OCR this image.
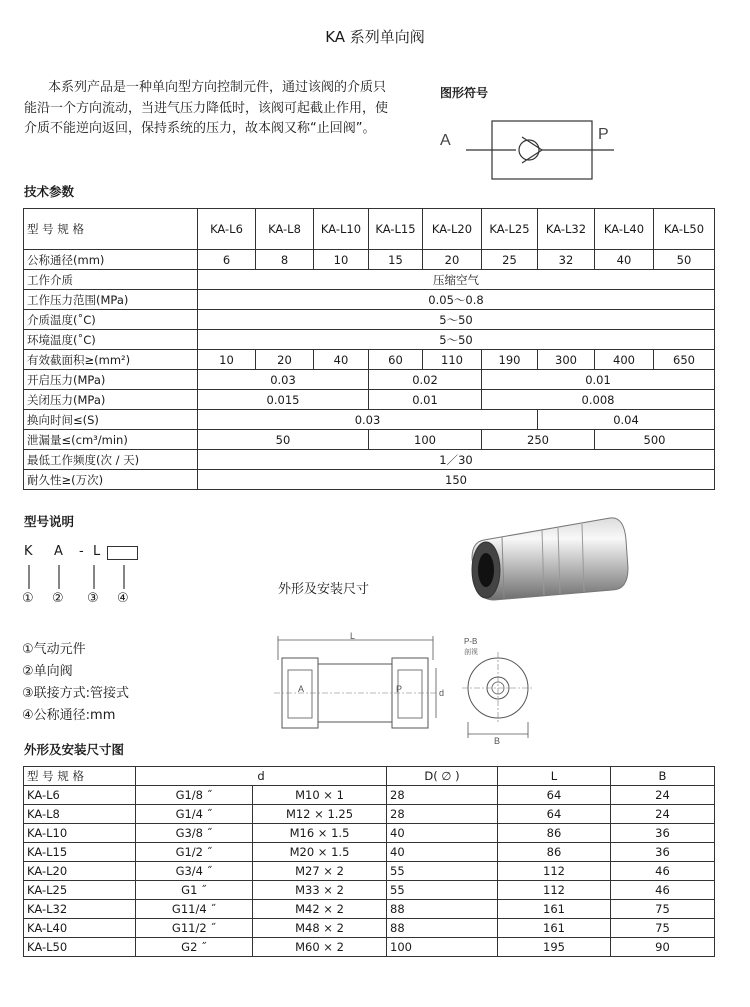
KA 系列单向阀
本系列产品是一种单向型方向控制元件，通过该阀的介质只能沿一个方向流动，当进气压力降低时，该阀可起截止作用，使介质不能逆向返回，保持系统的压力，故本阀又称“止回阀”。
图形符号
A	P
技术参数
型 号 规 格	KA-L6	KA-L8	KA-L10	KA-L15	KA-L20	KA-L25	KA-L32	KA-L40	KA-L50
公称通径(mm)	6	8	10	15	20	25	32	40	50
工作介质	压缩空气								
工作压力范围(MPa)	0.05～0.8								
介质温度(˚C)	5～50								
环境温度(˚C)	5～50								
有效截面积≥(mm²)	10	20	40	60	110	190	300	400	650
开启压力(MPa)	0.03			0.02		0.01			
关闭压力(MPa)	0.015			0.01		0.008			
换向时间≤(S)	0.03						0.04		
泄漏量≤(cm³/min)	50			100		250		500	
最低工作频度(次 / 天)	1／30								
耐久性≥(万次)	150								
型号说明
K A - L
① ② ③ ④
①气动元件
②单向阀
③联接方式:管接式
④公称通径:mm
外形及安装尺寸
L
A	P	d
P-B
剖视
B
外形及安装尺寸图
型 号 规 格	d		D( ∅ )	L	B
KA-L6	G1/8 ˝	M10 × 1	28	64	24
KA-L8	G1/4 ˝	M12 × 1.25	28	64	24
KA-L10	G3/8 ˝	M16 × 1.5	40	86	36
KA-L15	G1/2 ˝	M20 × 1.5	40	86	36
KA-L20	G3/4 ˝	M27 × 2	55	112	46
KA-L25	G1 ˝	M33 × 2	55	112	46
KA-L32	G11/4 ˝	M42 × 2	88	161	75
KA-L40	G11/2 ˝	M48 × 2	88	161	75
KA-L50	G2 ˝	M60 × 2	100	195	90
